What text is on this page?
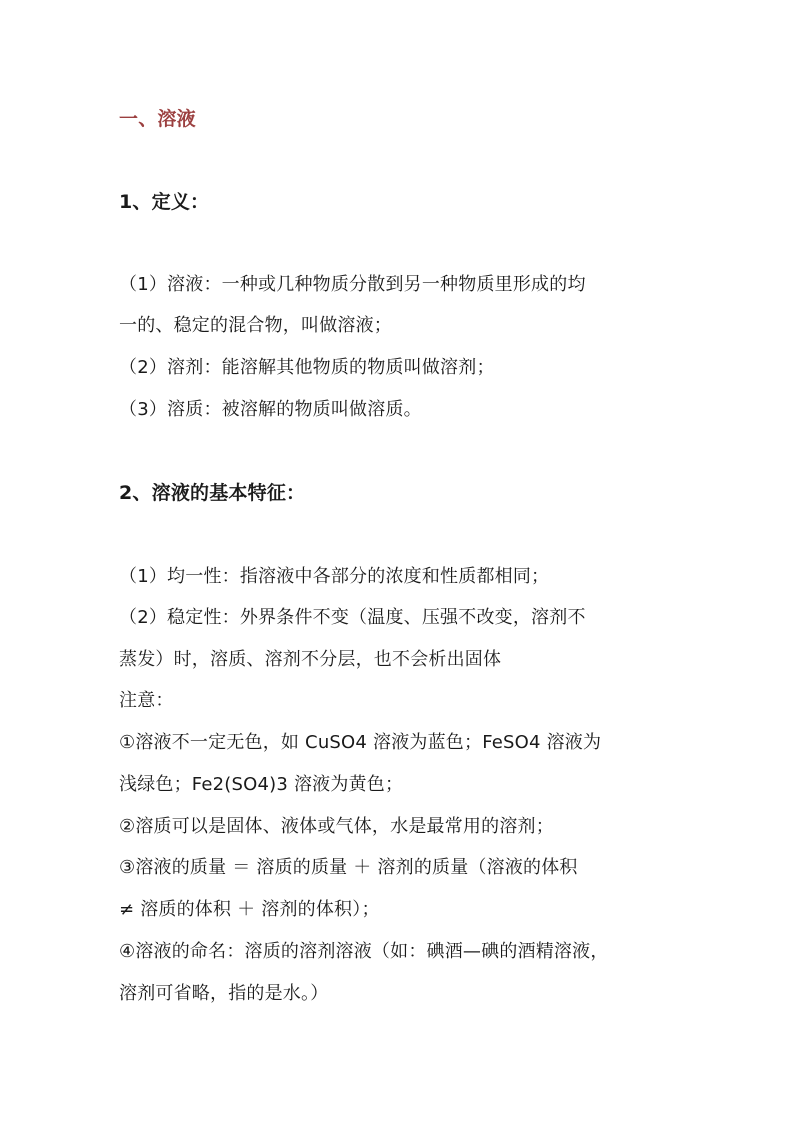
一、溶液
1、定义：
（1）溶液：一种或几种物质分散到另一种物质里形成的均
一的、稳定的混合物，叫做溶液；
（2）溶剂：能溶解其他物质的物质叫做溶剂；
（3）溶质：被溶解的物质叫做溶质。
2、溶液的基本特征：
（1）均一性：指溶液中各部分的浓度和性质都相同；
（2）稳定性：外界条件不变（温度、压强不改变，溶剂不
蒸发）时，溶质、溶剂不分层，也不会析出固体
注意：
①溶液不一定无色，如 CuSO4 溶液为蓝色；FeSO4 溶液为
浅绿色；Fe2(SO4)3 溶液为黄色；
②溶质可以是固体、液体或气体，水是最常用的溶剂；
③溶液的质量 ＝ 溶质的质量 ＋ 溶剂的质量（溶液的体积
≠ 溶质的体积 ＋ 溶剂的体积）；
④溶液的命名：溶质的溶剂溶液（如：碘酒—碘的酒精溶液，
溶剂可省略，指的是水。）
